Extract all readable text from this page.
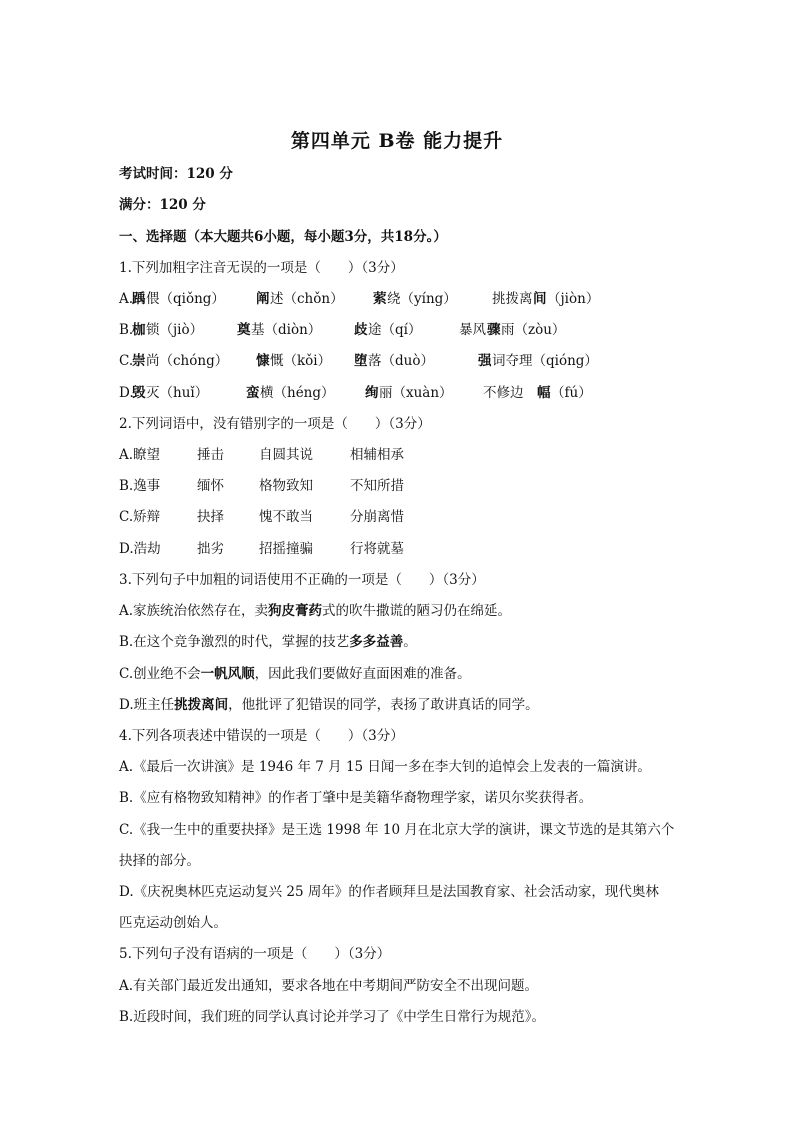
第四单元 B卷 能力提升
考试时间：120 分
满分：120 分
一、选择题（本大题共6小题，每小题3分，共18分。）
1.下列加粗字注音无误的一项是（　　）（3分）
A.
踽 偎（qiǒng） 阐 述（chǒn） 萦 绕（yíng）	挑拨离 间 （jiòn）
B.
枷 锁（jiò）	奠 基（diòn） 歧 途（qí）	暴风 骤 雨（zòu）
C.
崇 尚（chóng） 慷 慨（kǒi） 堕 落（duò）	强 词夺理（qióng）
D.
毁 灭（huǐ）	蛮 横（héng） 绚 丽（xuàn） 不修边 幅 （fú）
2.下列词语中，没有错别字的一项是（　　）（3分）
A.瞭望	捶击	自圆其说	相辅相承
B.逸事	缅怀	格物致知	不知所措
C.矫辩	抉择	愧不敢当	分崩离惜
D.浩劫	拙劣	招摇撞骗	行将就墓
3.下列句子中加粗的词语使用不正确的一项是（　　）（3分）
A.家族统治依然存在，卖狗皮膏药式的吹牛撒谎的陋习仍在绵延。
B.在这个竞争激烈的时代，掌握的技艺多多益善。
C.创业绝不会一帆风顺，因此我们要做好直面困难的准备。
D.班主任挑拨离间，他批评了犯错误的同学，表扬了敢讲真话的同学。
4.下列各项表述中错误的一项是（　　）（3分）
A.《最后一次讲演》是 1946 年 7 月 15 日闻一多在李大钊的追悼会上发表的一篇演讲。
B.《应有格物致知精神》的作者丁肇中是美籍华裔物理学家，诺贝尔奖获得者。
C.《我一生中的重要抉择》是王选 1998 年 10 月在北京大学的演讲，课文节选的是其第六个
抉择的部分。
D.《庆祝奥林匹克运动复兴 25 周年》的作者顾拜旦是法国教育家、社会活动家，现代奥林
匹克运动创始人。
5.下列句子没有语病的一项是（　　）（3分）
A.有关部门最近发出通知，要求各地在中考期间严防安全不出现问题。
B.近段时间，我们班的同学认真讨论并学习了《中学生日常行为规范》。
